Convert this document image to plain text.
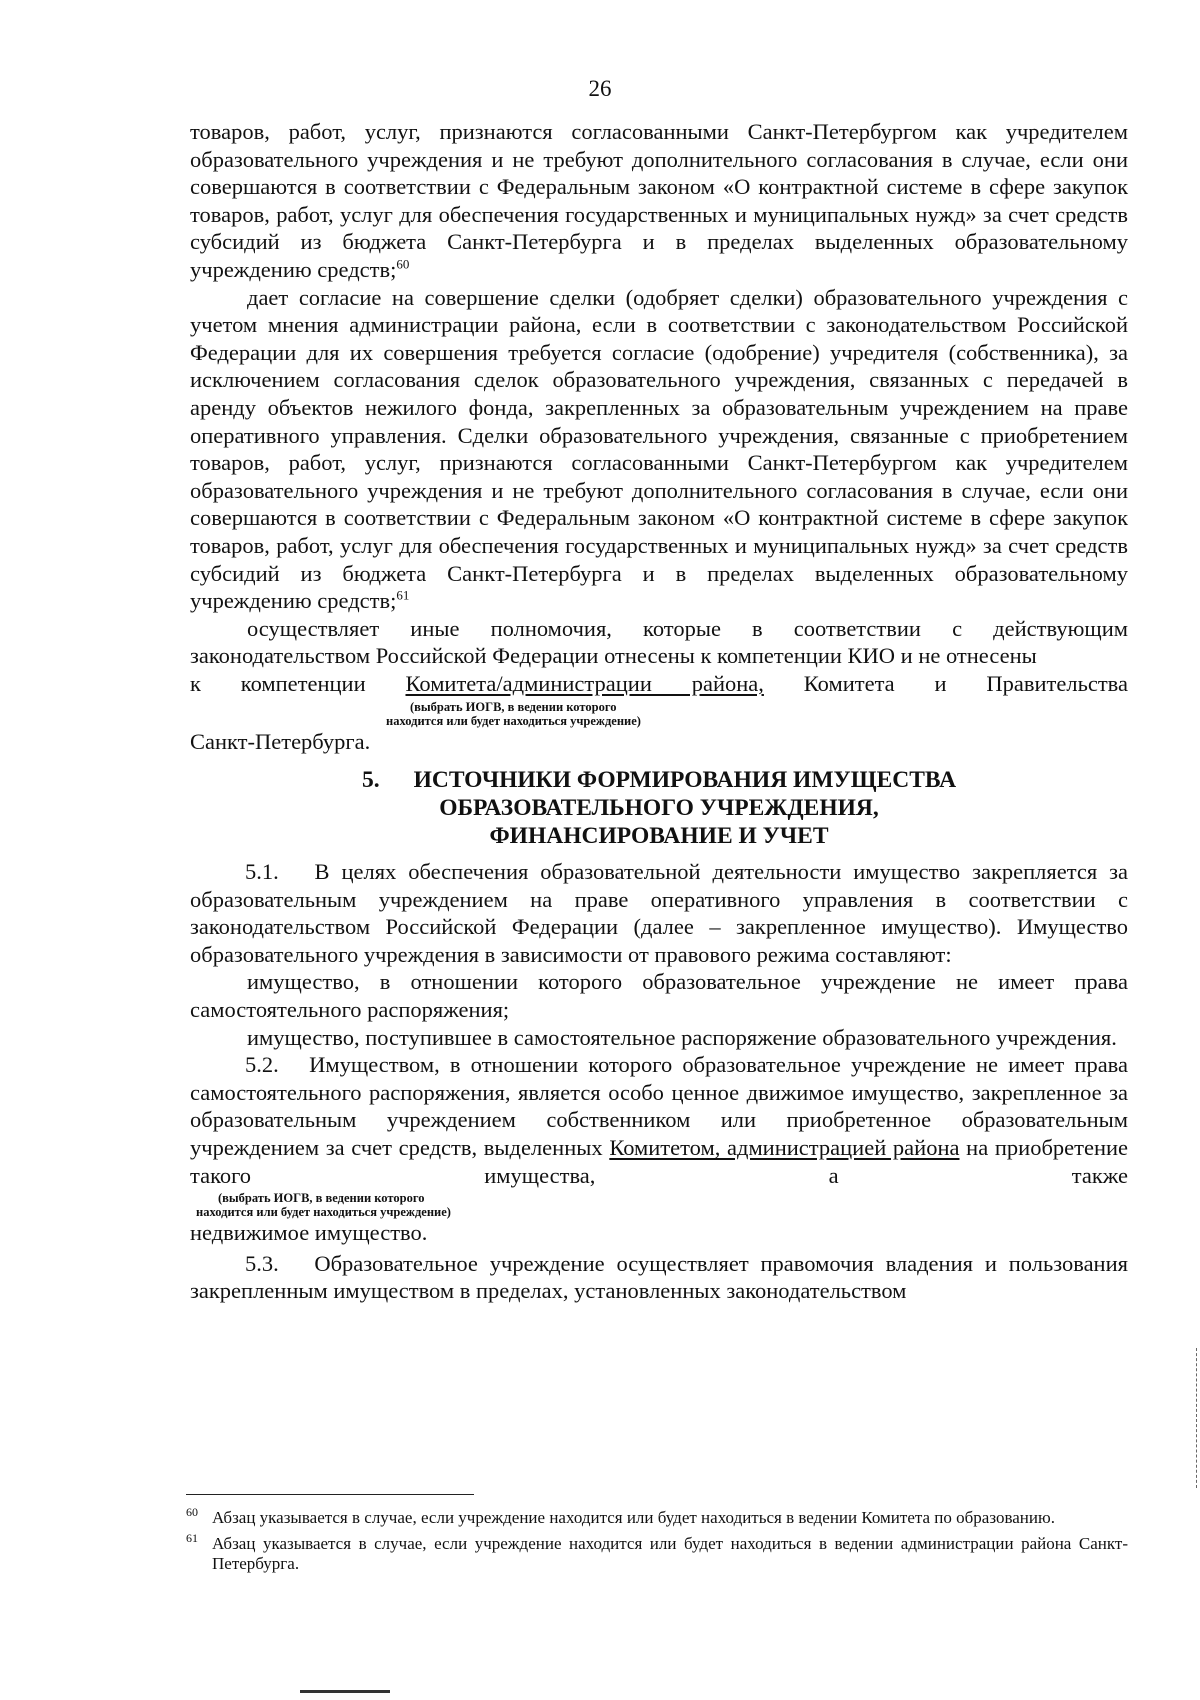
26

товаров, работ, услуг, признаются согласованными Санкт-Петербургом как учредителем образовательного учреждения и не требуют дополнительного согласования в случае, если они совершаются в соответствии с Федеральным законом «О контрактной системе в сфере закупок товаров, работ, услуг для обеспечения государственных и муниципальных нужд» за счет средств субсидий из бюджета Санкт-Петербурга и в пределах выделенных образовательному учреждению средств;$^{60}$

дает согласие на совершение сделки (одобряет сделки) образовательного учреждения с учетом мнения администрации района, если в соответствии с законодательством Российской Федерации для их совершения требуется согласие (одобрение) учредителя (собственника), за исключением согласования сделок образовательного учреждения, связанных с передачей в аренду объектов нежилого фонда, закрепленных за образовательным учреждением на праве оперативного управления. Сделки образовательного учреждения, связанные с приобретением товаров, работ, услуг, признаются согласованными Санкт-Петербургом как учредителем образовательного учреждения и не требуют дополнительного согласования в случае, если они совершаются в соответствии с Федеральным законом «О контрактной системе в сфере закупок товаров, работ, услуг для обеспечения государственных и муниципальных нужд» за счет средств субсидий из бюджета Санкт-Петербурга и в пределах выделенных образовательному учреждению средств;$^{61}$

осуществляет иные полномочия, которые в соответствии с действующим законодательством Российской Федерации отнесены к компетенции КИО и не отнесены

к компетенции Комитета/администрации района, Комитета и Правительства

(выбрать ИОГВ, в ведении которого
находится или будет находиться учреждение)

Санкт-Петербурга.

5. ИСТОЧНИКИ ФОРМИРОВАНИЯ ИМУЩЕСТВА
ОБРАЗОВАТЕЛЬНОГО УЧРЕЖДЕНИЯ,
ФИНАНСИРОВАНИЕ И УЧЕТ

5.1.   В целях обеспечения образовательной деятельности имущество закрепляется за образовательным учреждением на праве оперативного управления в соответствии с законодательством Российской Федерации (далее – закрепленное имущество). Имущество образовательного учреждения в зависимости от правового режима составляют:

имущество, в отношении которого образовательное учреждение не имеет права самостоятельного распоряжения;

имущество, поступившее в самостоятельное распоряжение образовательного учреждения.

5.2.   Имуществом, в отношении которого образовательное учреждение не имеет права самостоятельного распоряжения, является особо ценное движимое имущество, закрепленное за образовательным учреждением собственником или приобретенное образовательным учреждением за счет средств, выделенных Комитетом, администрацией района на приобретение такого имущества, а также

(выбрать ИОГВ, в ведении которого
находится или будет находиться учреждение)

недвижимое имущество.

5.3.   Образовательное учреждение осуществляет правомочия владения и пользования закрепленным имуществом в пределах, установленных законодательством

60 Абзац указывается в случае, если учреждение находится или будет находиться в ведении Комитета по образованию.
61 Абзац указывается в случае, если учреждение находится или будет находиться в ведении администрации района Санкт-Петербурга.
